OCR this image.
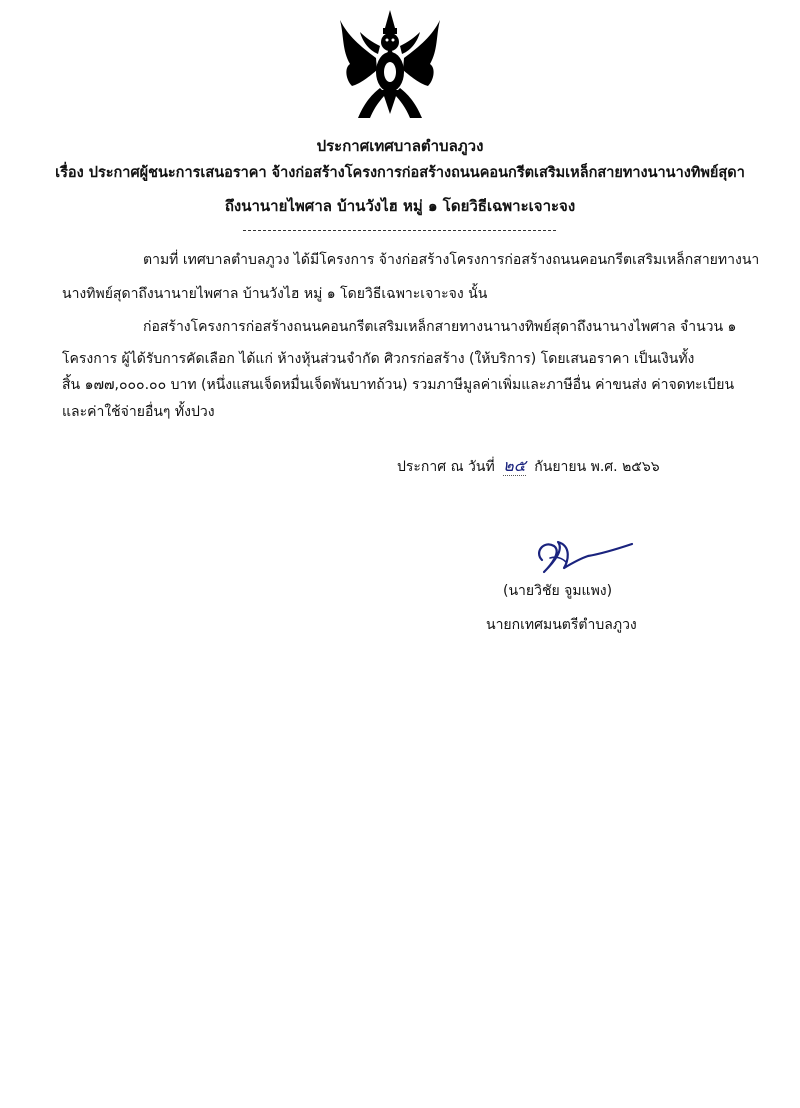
ประกาศเทศบาลตำบลภูวง
เรื่อง ประกาศผู้ชนะการเสนอราคา จ้างก่อสร้างโครงการก่อสร้างถนนคอนกรีตเสริมเหล็กสายทางนานางทิพย์สุดา
ถึงนานายไพศาล บ้านวังไฮ หมู่ ๑ โดยวิธีเฉพาะเจาะจง
ตามที่ เทศบาลตำบลภูวง ได้มีโครงการ จ้างก่อสร้างโครงการก่อสร้างถนนคอนกรีตเสริมเหล็กสายทางนา
นางทิพย์สุดาถึงนานายไพศาล บ้านวังไฮ หมู่ ๑ โดยวิธีเฉพาะเจาะจง นั้น
ก่อสร้างโครงการก่อสร้างถนนคอนกรีตเสริมเหล็กสายทางนานางทิพย์สุดาถึงนานางไพศาล จำนวน ๑
โครงการ ผู้ได้รับการคัดเลือก ได้แก่ ห้างหุ้นส่วนจำกัด ศิวกรก่อสร้าง (ให้บริการ) โดยเสนอราคา เป็นเงินทั้ง
สิ้น ๑๗๗,๐๐๐.๐๐ บาท (หนึ่งแสนเจ็ดหมื่นเจ็ดพันบาทถ้วน) รวมภาษีมูลค่าเพิ่มและภาษีอื่น ค่าขนส่ง ค่าจดทะเบียน
และค่าใช้จ่ายอื่นๆ ทั้งปวง
ประกาศ ณ วันที่ ๒๕ กันยายน พ.ศ. ๒๕๖๖
(นายวิชัย จูมแพง)
นายกเทศมนตรีตำบลภูวง
